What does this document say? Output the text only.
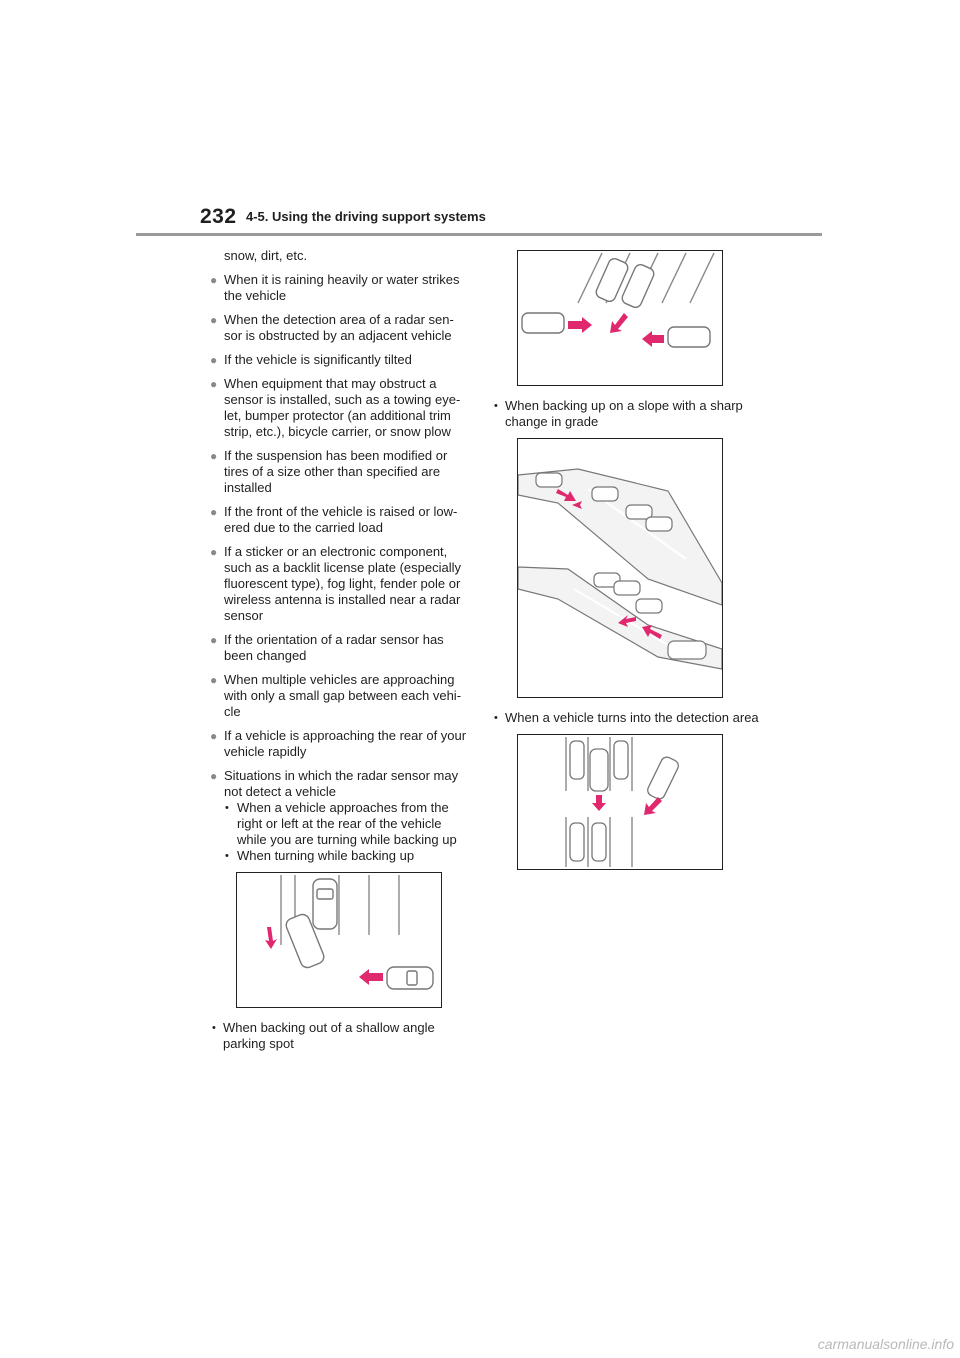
232 4-5. Using the driving support systems
snow, dirt, etc.
● When it is raining heavily or water strikes the vehicle
● When the detection area of a radar sen-sor is obstructed by an adjacent vehicle
● If the vehicle is significantly tilted
● When equipment that may obstruct a sensor is installed, such as a towing eye-let, bumper protector (an additional trim strip, etc.), bicycle carrier, or snow plow
● If the suspension has been modified or tires of a size other than specified are installed
● If the front of the vehicle is raised or low-ered due to the carried load
● If a sticker or an electronic component, such as a backlit license plate (especially fluorescent type), fog light, fender pole or wireless antenna is installed near a radar sensor
● If the orientation of a radar sensor has been changed
● When multiple vehicles are approaching with only a small gap between each vehi-cle
● If a vehicle is approaching the rear of your vehicle rapidly
● Situations in which the radar sensor may not detect a vehicle
• When a vehicle approaches from the right or left at the rear of the vehicle while you are turning while backing up
• When turning while backing up
• When backing out of a shallow angle parking spot
• When backing up on a slope with a sharp change in grade
• When a vehicle turns into the detection area
carmanualsonline.info
